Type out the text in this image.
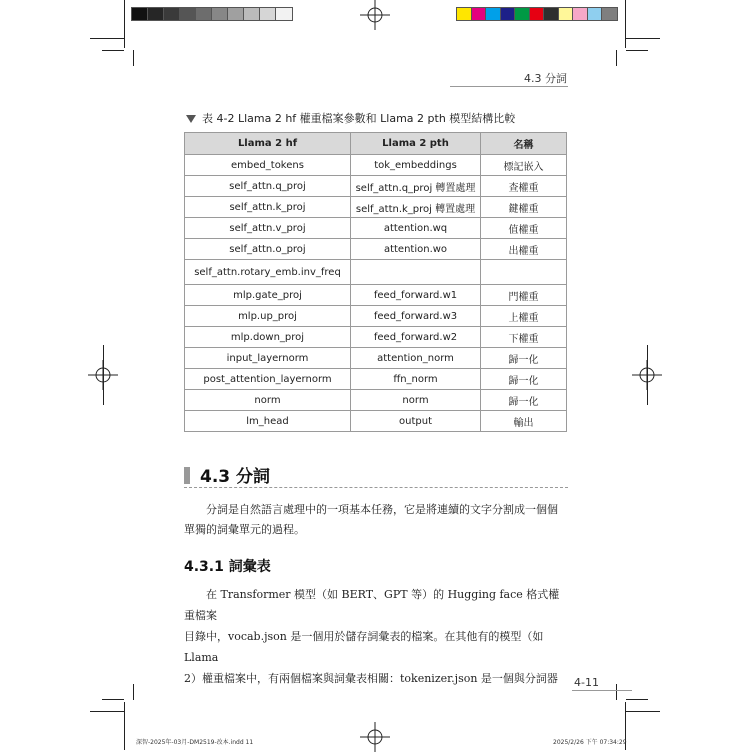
4.3 分詞
表 4-2 Llama 2 hf 權重檔案參數和 Llama 2 pth 模型結構比較
Llama 2 hf	Llama 2 pth	名稱
embed_tokens	tok_embeddings	標記嵌入
self_attn.q_proj	self_attn.q_proj 轉置處理	查權重
self_attn.k_proj	self_attn.k_proj 轉置處理	鍵權重
self_attn.v_proj	attention.wq	值權重
self_attn.o_proj	attention.wo	出權重
self_attn.rotary_emb.inv_freq		
mlp.gate_proj	feed_forward.w1	門權重
mlp.up_proj	feed_forward.w3	上權重
mlp.down_proj	feed_forward.w2	下權重
input_layernorm	attention_norm	歸一化
post_attention_layernorm	ffn_norm	歸一化
norm	norm	歸一化
lm_head	output	輸出
4.3 分詞
分詞是自然語言處理中的一項基本任務，它是將連續的文字分割成一個個
單獨的詞彙單元的過程。
4.3.1 詞彙表
在 Transformer 模型（如 BERT、GPT 等）的 Hugging face 格式權重檔案
目錄中，vocab.json 是一個用於儲存詞彙表的檔案。在其他有的模型（如 Llama
2）權重檔案中，有兩個檔案與詞彙表相關：tokenizer.json 是一個與分詞器	4-11
深智-2025年-03月-DM2519-改本.indd 11	2025/2/26 下午 07:34:29
